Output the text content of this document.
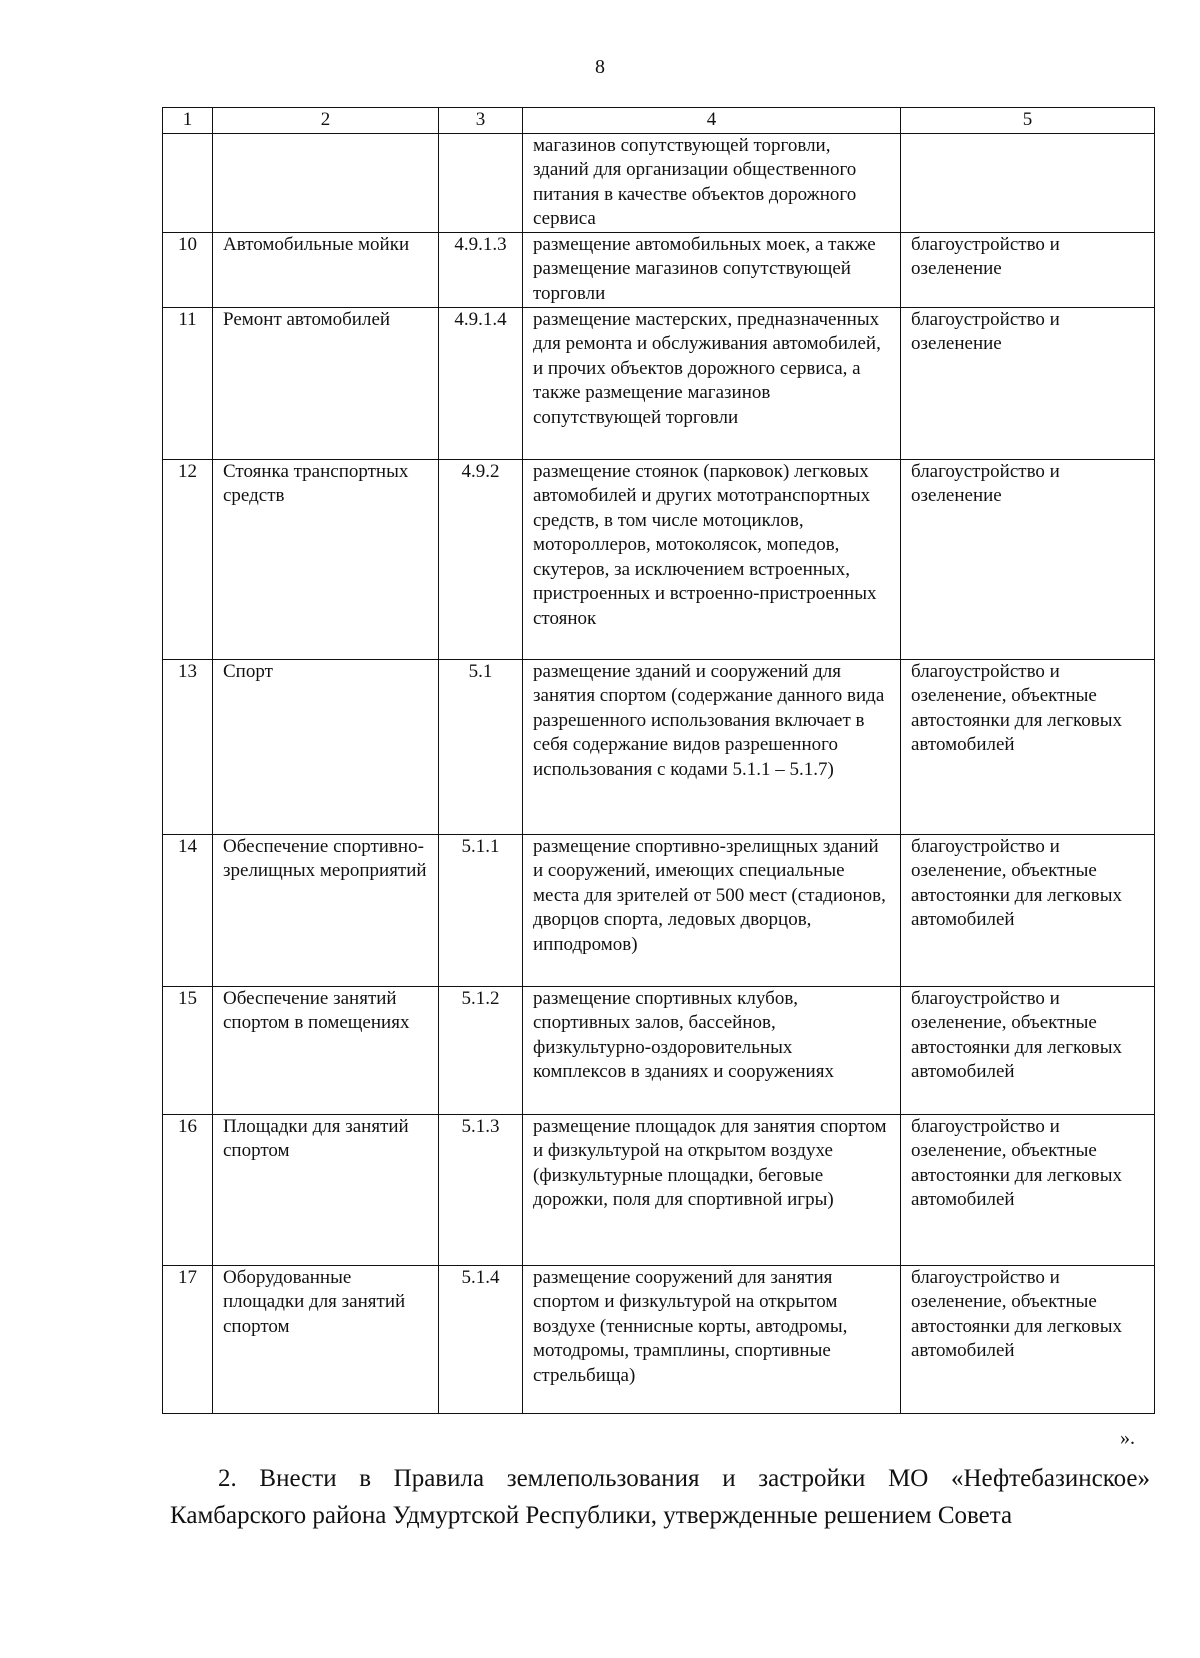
8
1	2	3	4	5
			магазинов сопутствующей торговли, зданий для организации общественного питания в качестве объектов дорожного сервиса	
10	Автомобильные мойки	4.9.1.3	размещение автомобильных моек, а также размещение магазинов сопутствующей торговли	благоустройство и озеленение
11	Ремонт автомобилей	4.9.1.4	размещение мастерских, предназначенных для ремонта и обслуживания автомобилей, и прочих объектов дорожного сервиса, а также размещение магазинов сопутствующей торговли	благоустройство и озеленение
12	Стоянка транспортных средств	4.9.2	размещение стоянок (парковок) легковых автомобилей и других мототранспортных средств, в том числе мотоциклов, мотороллеров, мотоколясок, мопедов, скутеров, за исключением встроенных, пристроенных и встроенно-пристроенных стоянок	благоустройство и озеленение
13	Спорт	5.1	размещение зданий и сооружений для занятия спортом (содержание данного вида разрешенного использования включает в себя содержание видов разрешенного использования с кодами 5.1.1 – 5.1.7)	благоустройство и озеленение, объектные автостоянки для легковых автомобилей
14	Обеспечение спортивно-зрелищных мероприятий	5.1.1	размещение спортивно-зрелищных зданий и сооружений, имеющих специальные места для зрителей от 500 мест (стадионов, дворцов спорта, ледовых дворцов, ипподромов)	благоустройство и озеленение, объектные автостоянки для легковых автомобилей
15	Обеспечение занятий спортом в помещениях	5.1.2	размещение спортивных клубов, спортивных залов, бассейнов, физкультурно-оздоровительных комплексов в зданиях и сооружениях	благоустройство и озеленение, объектные автостоянки для легковых автомобилей
16	Площадки для занятий спортом	5.1.3	размещение площадок для занятия спортом и физкультурой на открытом воздухе (физкультурные площадки, беговые дорожки, поля для спортивной игры)	благоустройство и озеленение, объектные автостоянки для легковых автомобилей
17	Оборудованные площадки для занятий спортом	5.1.4	размещение сооружений для занятия спортом и физкультурой на открытом воздухе (теннисные корты, автодромы, мотодромы, трамплины, спортивные стрельбища)	благоустройство и озеленение, объектные автостоянки для легковых автомобилей
».
2. Внести в Правила землепользования и застройки МО «Нефтебазинское» Камбарского района Удмуртской Республики, утвержденные решением Совета
